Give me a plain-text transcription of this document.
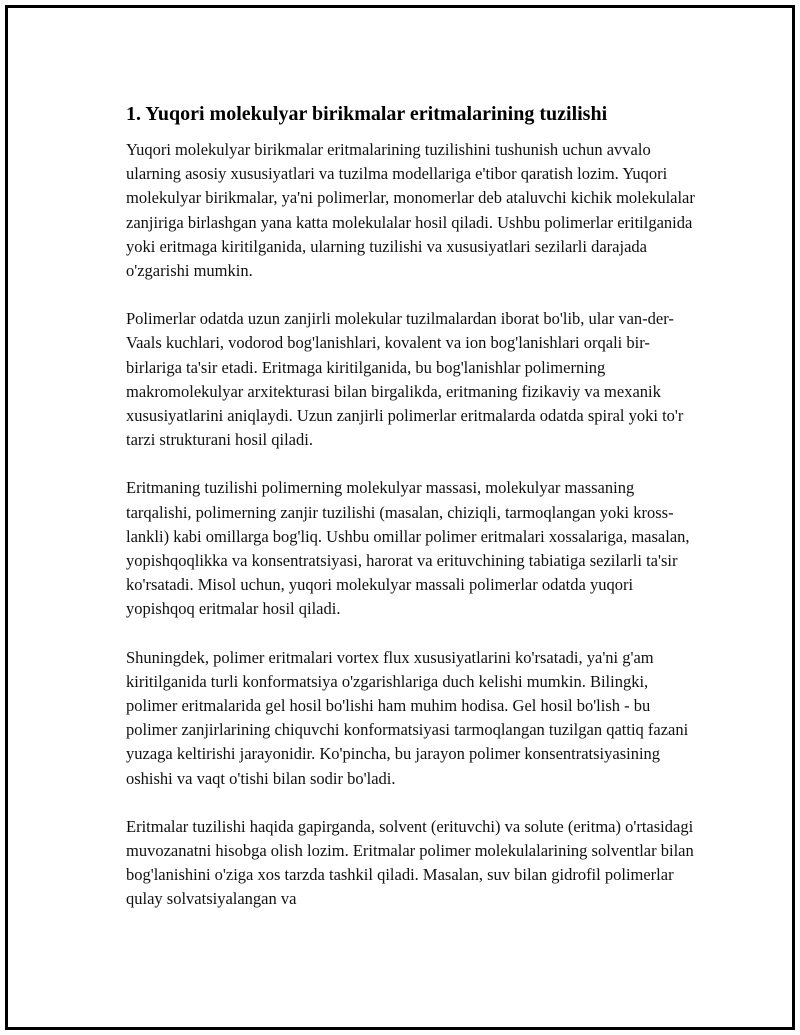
1. Yuqori molekulyar birikmalar eritmalarining tuzilishi

Yuqori molekulyar birikmalar eritmalarining tuzilishini tushunish uchun avvalo ularning asosiy xususiyatlari va tuzilma modellariga e'tibor qaratish lozim. Yuqori molekulyar birikmalar, ya'ni polimerlar, monomerlar deb ataluvchi kichik molekulalar zanjiriga birlashgan yana katta molekulalar hosil qiladi. Ushbu polimerlar eritilganida yoki eritmaga kiritilganida, ularning tuzilishi va xususiyatlari sezilarli darajada o'zgarishi mumkin.

Polimerlar odatda uzun zanjirli molekular tuzilmalardan iborat bo'lib, ular van-der-Vaals kuchlari, vodorod bog'lanishlari, kovalent va ion bog'lanishlari orqali bir-birlariga ta'sir etadi. Eritmaga kiritilganida, bu bog'lanishlar polimerning makromolekulyar arxitekturasi bilan birgalikda, eritmaning fizikaviy va mexanik xususiyatlarini aniqlaydi. Uzun zanjirli polimerlar eritmalarda odatda spiral yoki to'r tarzi strukturani hosil qiladi.

Eritmaning tuzilishi polimerning molekulyar massasi, molekulyar massaning tarqalishi, polimerning zanjir tuzilishi (masalan, chiziqli, tarmoqlangan yoki kross-lankli) kabi omillarga bog'liq. Ushbu omillar polimer eritmalari xossalariga, masalan, yopishqoqlikka va konsentratsiyasi, harorat va erituvchining tabiatiga sezilarli ta'sir ko'rsatadi. Misol uchun, yuqori molekulyar massali polimerlar odatda yuqori yopishqoq eritmalar hosil qiladi.

Shuningdek, polimer eritmalari vortex flux xususiyatlarini ko'rsatadi, ya'ni g'am kiritilganida turli konformatsiya o'zgarishlariga duch kelishi mumkin. Bilingki, polimer eritmalarida gel hosil bo'lishi ham muhim hodisa. Gel hosil bo'lish - bu polimer zanjirlarining chiquvchi konformatsiyasi tarmoqlangan tuzilgan qattiq fazani yuzaga keltirishi jarayonidir. Ko'pincha, bu jarayon polimer konsentratsiyasining oshishi va vaqt o'tishi bilan sodir bo'ladi.

Eritmalar tuzilishi haqida gapirganda, solvent (erituvchi) va solute (eritma) o'rtasidagi muvozanatni hisobga olish lozim. Eritmalar polimer molekulalarining solventlar bilan bog'lanishini o'ziga xos tarzda tashkil qiladi. Masalan, suv bilan gidrofil polimerlar qulay solvatsiyalangan va
